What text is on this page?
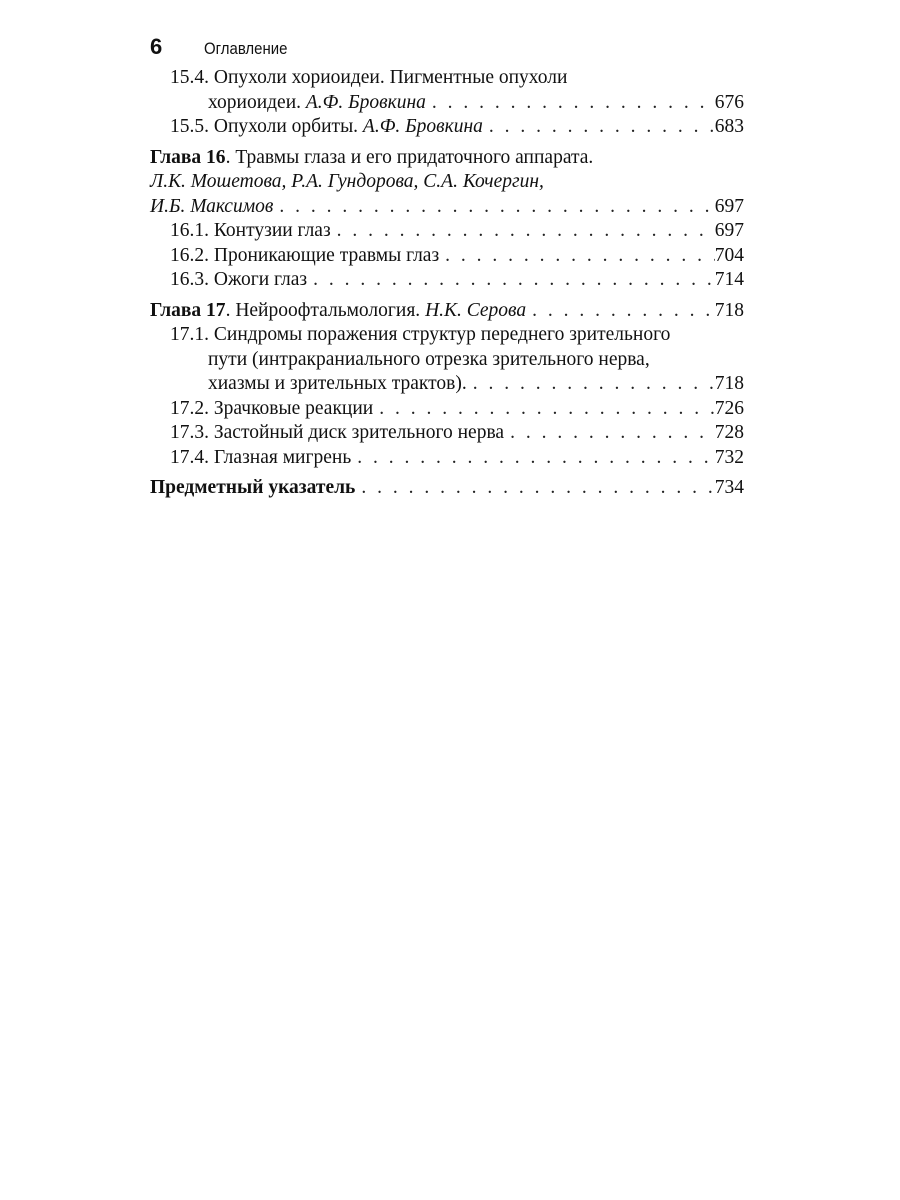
6 Оглавление
15.4. Опухоли хориоидеи. Пигментные опухоли
хориоидеи. А.Ф. Бровкина . . .	676
15.5. Опухоли орбиты. А.Ф. Бровкина . . .	683
Глава 16. Травмы глаза и его придаточного аппарата.
Л.К. Мошетова, Р.А. Гундорова, С.А. Кочергин,
И.Б. Максимов . . .	697
16.1. Контузии глаз . . .	697
16.2. Проникающие травмы глаз . . .	704
16.3. Ожоги глаз . . .	714
Глава 17. Нейроофтальмология. Н.К. Серова . . .	718
17.1. Синдромы поражения структур переднего зрительного
пути (интракраниального отрезка зрительного нерва,
хиазмы и зрительных трактов). . . .	718
17.2. Зрачковые реакции . . .	726
17.3. Застойный диск зрительного нерва . . .	728
17.4. Глазная мигрень . . .	732
Предметный указатель . . .	734
